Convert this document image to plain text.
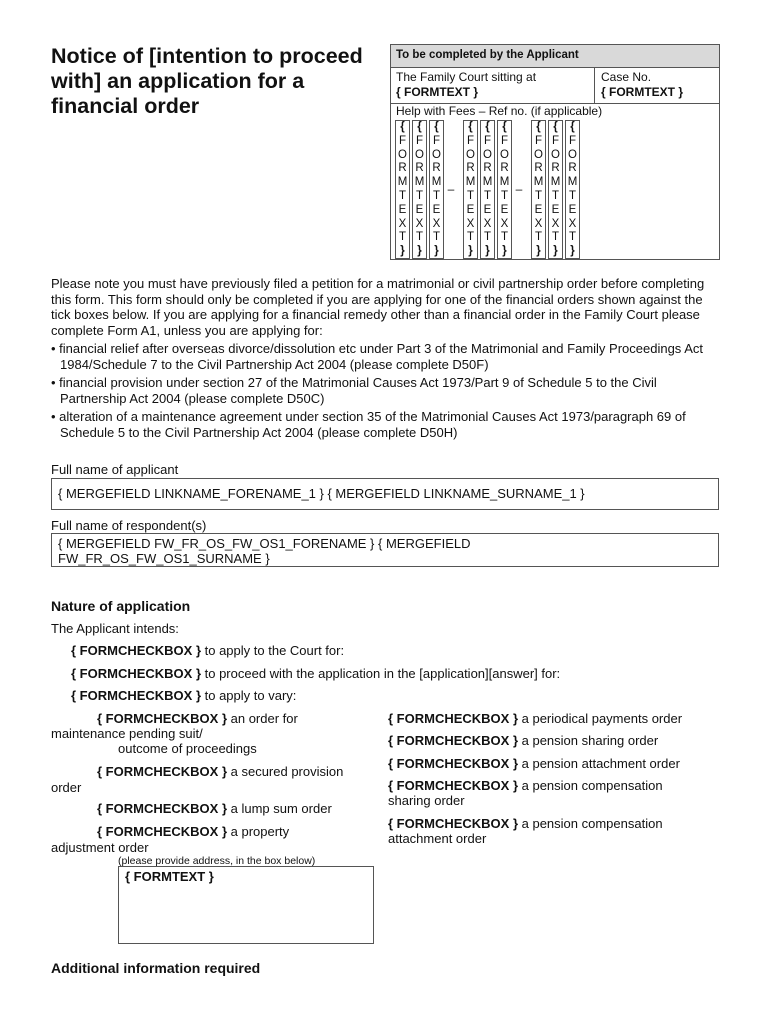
Notice of [intention to proceed with] an application for a financial order
To be completed by the Applicant
The Family Court sitting at
{ FORMTEXT }
Case No.
{ FORMTEXT }
Help with Fees – Ref no. (if applicable)
{
F
O
R
M
T
E
X
T
}
{
F
O
R
M
T
E
X
T
}
{
F
O
R
M
T
E
X
T
}
{
F
O
R
M
T
E
X
T
}
{
F
O
R
M
T
E
X
T
}
{
F
O
R
M
T
E
X
T
}
{
F
O
R
M
T
E
X
T
}
{
F
O
R
M
T
E
X
T
}
{
F
O
R
M
T
E
X
T
}
–	–

Please note you must have previously filed a petition for a matrimonial or civil partnership order before completing this form. This form should only be completed if you are applying for one of the financial orders shown against the tick boxes below. If you are applying for a financial remedy other than a financial order in the Family Court please complete Form A1, unless you are applying for:

• financial relief after overseas divorce/dissolution etc under Part 3 of the Matrimonial and Family Proceedings Act 1984/Schedule 7 to the Civil Partnership Act 2004 (please complete D50F)

• financial provision under section 27 of the Matrimonial Causes Act 1973/Part 9 of Schedule 5 to the Civil Partnership Act 2004 (please complete D50C)

• alteration of a maintenance agreement under section 35 of the Matrimonial Causes Act 1973/paragraph 69 of Schedule 5 to the Civil Partnership Act 2004 (please complete D50H)

Full name of applicant
{ MERGEFIELD LINKNAME_FORENAME_1 } { MERGEFIELD LINKNAME_SURNAME_1 }
Full name of respondent(s)
{ MERGEFIELD FW_FR_OS_FW_OS1_FORENAME } { MERGEFIELD
FW_FR_OS_FW_OS1_SURNAME }
Nature of application
The Applicant intends:
{ FORMCHECKBOX } to apply to the Court for:
{ FORMCHECKBOX } to proceed with the application in the [application][answer] for:
{ FORMCHECKBOX } to apply to vary:
{ FORMCHECKBOX } an order for
maintenance pending suit/
outcome of proceedings
{ FORMCHECKBOX } a secured provision
order
{ FORMCHECKBOX } a lump sum order
{ FORMCHECKBOX } a property
adjustment order
(please provide address, in the box below)
{ FORMTEXT }
{ FORMCHECKBOX } a periodical payments order
{ FORMCHECKBOX } a pension sharing order
{ FORMCHECKBOX } a pension attachment order
{ FORMCHECKBOX } a pension compensation
sharing order
{ FORMCHECKBOX } a pension compensation
attachment order
Additional information required
